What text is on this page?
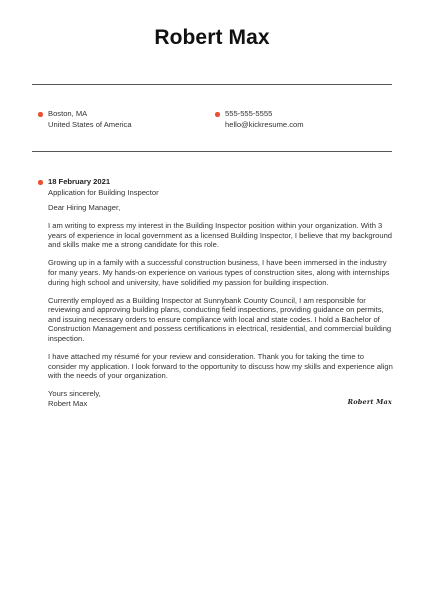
Robert Max
Boston, MA
United States of America
555-555-5555
hello@kickresume.com
18 February 2021
Application for Building Inspector

Dear Hiring Manager,

I am writing to express my interest in the Building Inspector position within your organization. With 3 years of experience in local government as a licensed Building Inspector, I believe that my background and skills make me a strong candidate for this role.

Growing up in a family with a successful construction business, I have been immersed in the industry for many years. My hands-on experience on various types of construction sites, along with internships during high school and university, have solidified my passion for building inspection.

Currently employed as a Building Inspector at Sunnybank County Council, I am responsible for reviewing and approving building plans, conducting field inspections, providing guidance on permits, and issuing necessary orders to ensure compliance with local and state codes. I hold a Bachelor of Construction Management and possess certifications in electrical, residential, and commercial building inspection.

I have attached my résumé for your review and consideration. Thank you for taking the time to consider my application. I look forward to the opportunity to discuss how my skills and experience align with the needs of your organization.

Yours sincerely,

Robert Max	Robert Max
